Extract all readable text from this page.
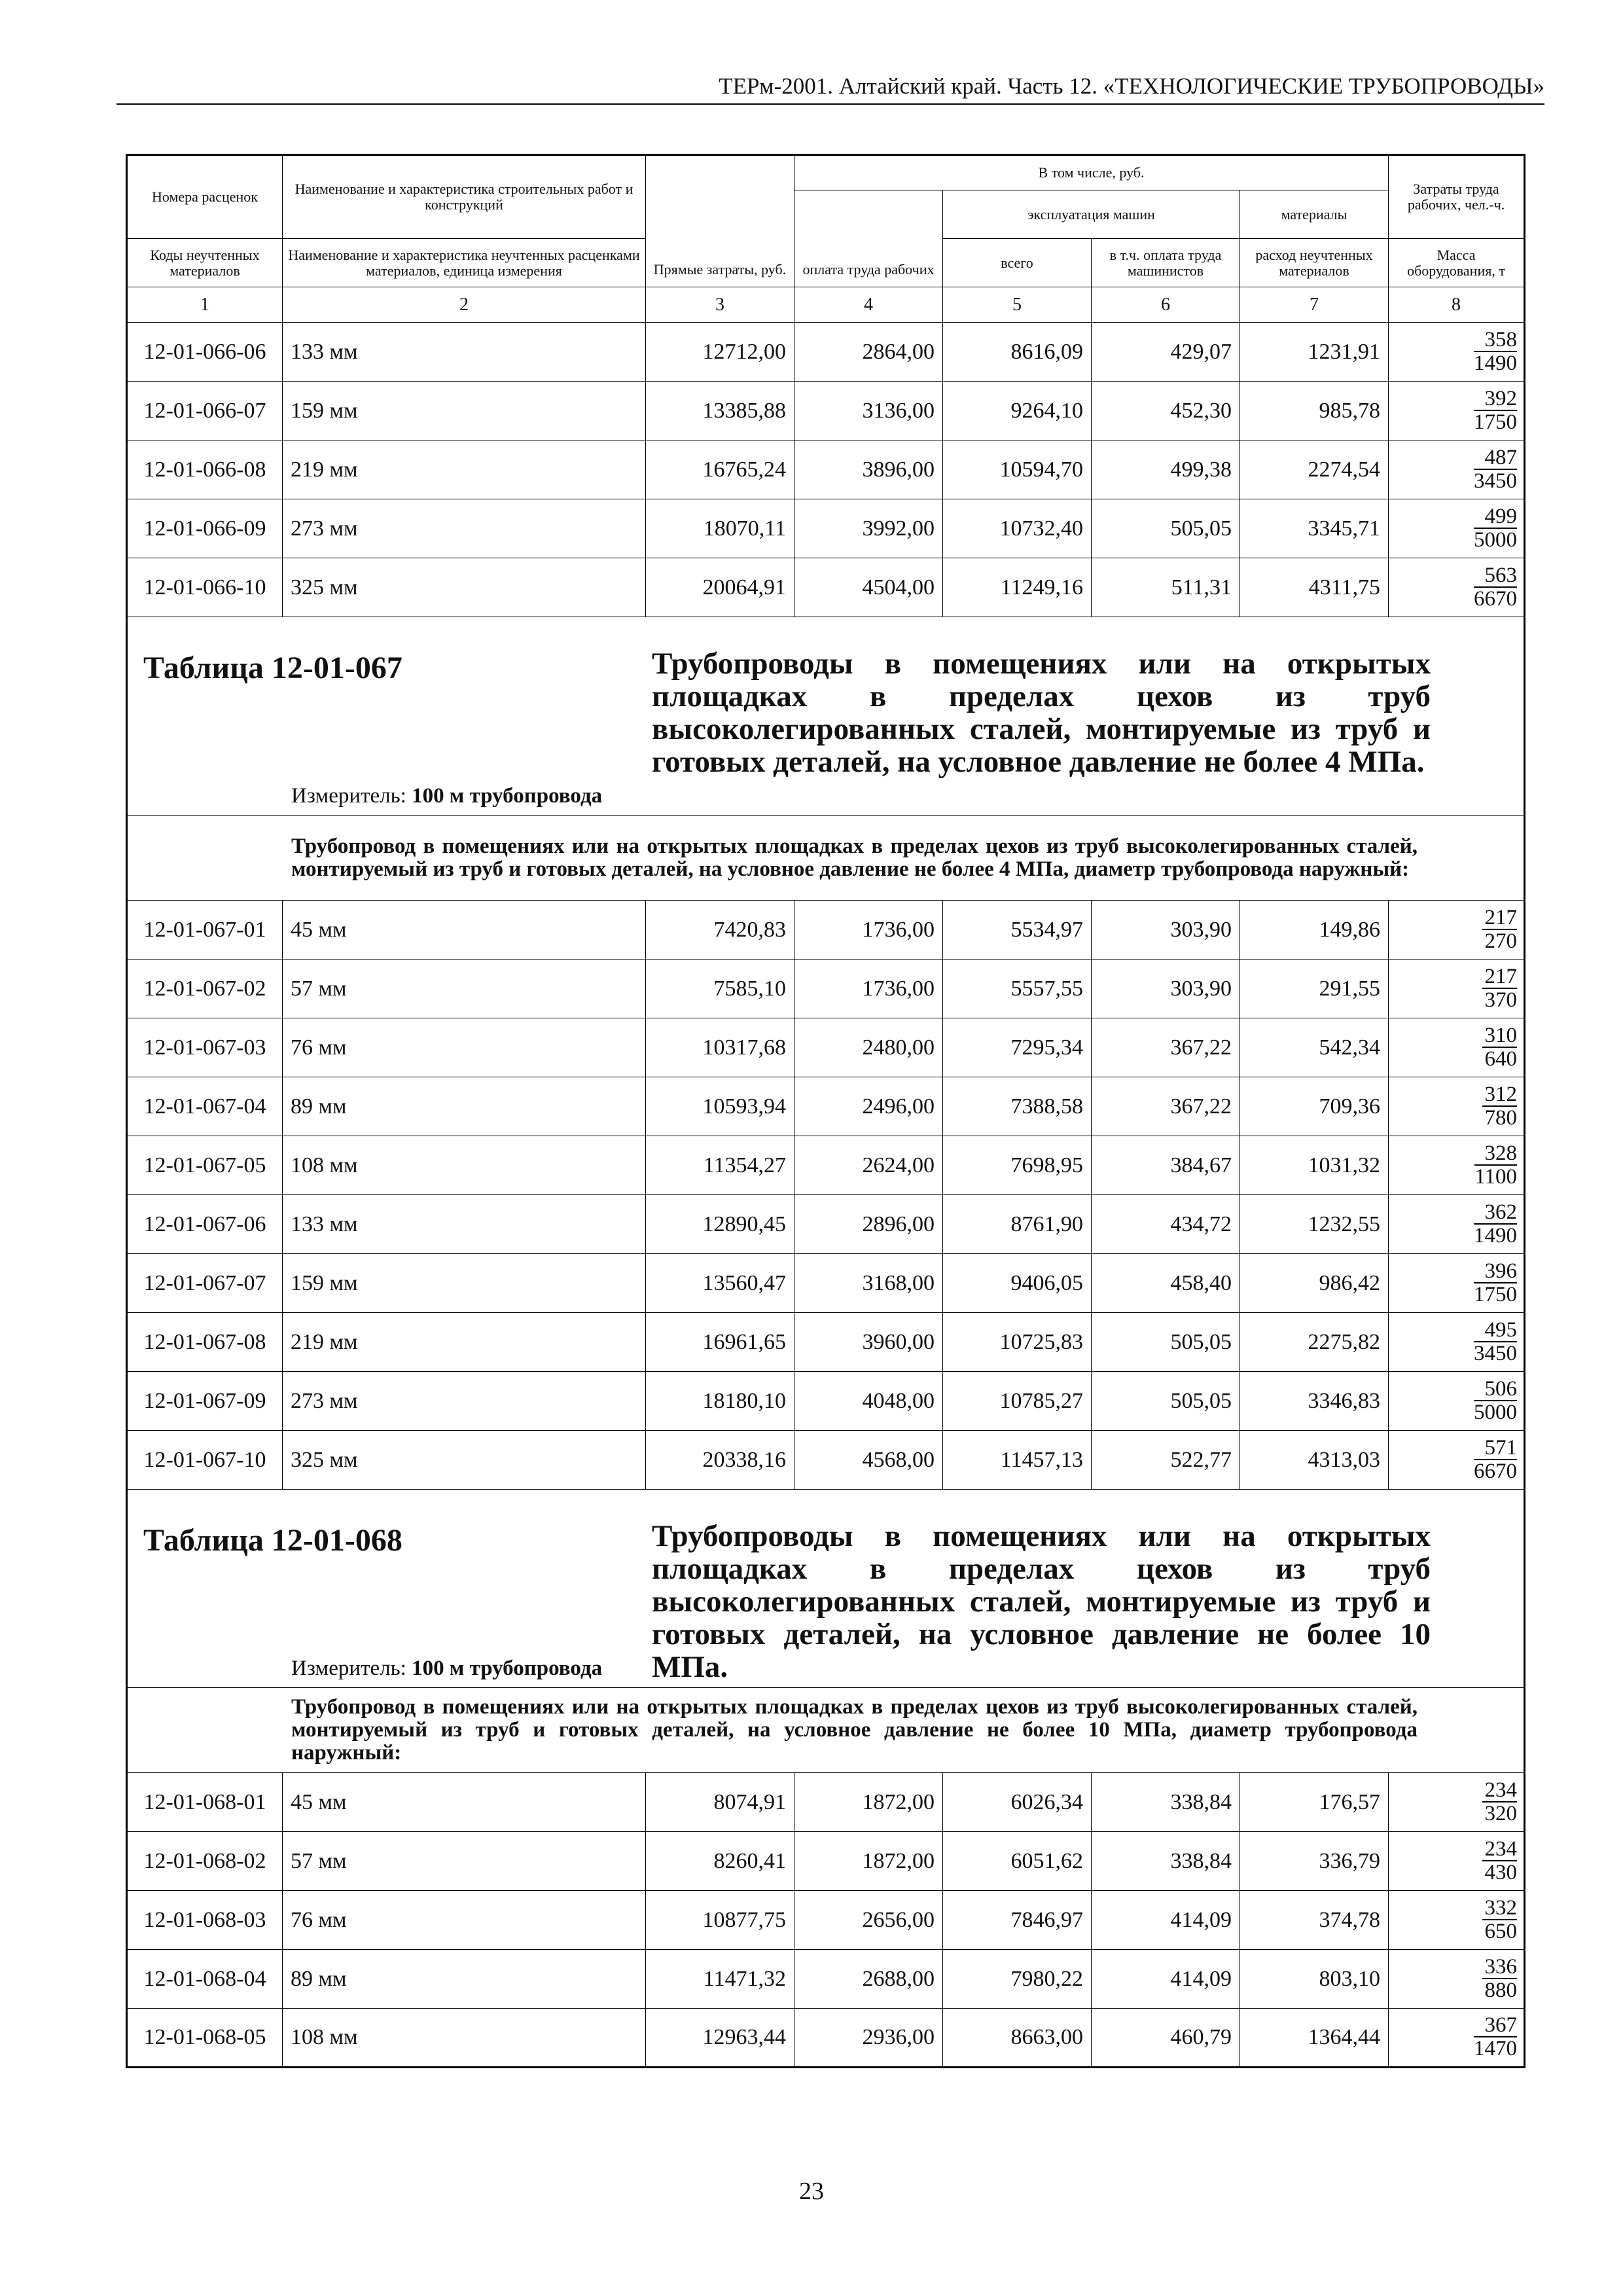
ТЕРм-2001. Алтайский край. Часть 12. «ТЕХНОЛОГИЧЕСКИЕ ТРУБОПРОВОДЫ»
Номера расценок	Наименование и характеристика строительных работ и конструкций	Прямые затраты, руб.	В том числе, руб.				Затраты труда рабочих, чел.-ч.
			оплата труда рабочих	эксплуатация машин		материалы	
Коды неучтенных материалов	Наименование и характеристика неучтенных расценками материалов, единица измерения			всего	в т.ч. оплата труда машинистов	расход неучтенных материалов	Масса оборудования, т
1	2	3	4	5	6	7	8
12-01-066-06	133 мм	12712,00	2864,00	8616,09	429,07	1231,91	$\frac{358}{1490}$

12-01-066-07	159 мм	13385,88	3136,00	9264,10	452,30	985,78	$\frac{392}{1750}$

12-01-066-08	219 мм	16765,24	3896,00	10594,70	499,38	2274,54	$\frac{487}{3450}$

12-01-066-09	273 мм	18070,11	3992,00	10732,40	505,05	3345,71	$\frac{499}{5000}$

12-01-066-10	325 мм	20064,91	4504,00	11249,16	511,31	4311,75	$\frac{563}{6670}$

Таблица 12-01-067 Трубопроводы в помещениях или на открытых площадках в пределах цехов из труб высоколегированных сталей, монтируемые из труб и готовых деталей, на условное давление не более 4 МПа.
Измеритель: 100 м трубопровода							

Трубопровод в помещениях или на открытых площадках в пределах цехов из труб высоколегированных сталей, монтируемый из труб и готовых деталей, на условное давление не более 4 МПа, диаметр трубопровода наружный:							

12-01-067-01	45 мм	7420,83	1736,00	5534,97	303,90	149,86	$\frac{217}{270}$

12-01-067-02	57 мм	7585,10	1736,00	5557,55	303,90	291,55	$\frac{217}{370}$

12-01-067-03	76 мм	10317,68	2480,00	7295,34	367,22	542,34	$\frac{310}{640}$

12-01-067-04	89 мм	10593,94	2496,00	7388,58	367,22	709,36	$\frac{312}{780}$

12-01-067-05	108 мм	11354,27	2624,00	7698,95	384,67	1031,32	$\frac{328}{1100}$

12-01-067-06	133 мм	12890,45	2896,00	8761,90	434,72	1232,55	$\frac{362}{1490}$

12-01-067-07	159 мм	13560,47	3168,00	9406,05	458,40	986,42	$\frac{396}{1750}$

12-01-067-08	219 мм	16961,65	3960,00	10725,83	505,05	2275,82	$\frac{495}{3450}$

12-01-067-09	273 мм	18180,10	4048,00	10785,27	505,05	3346,83	$\frac{506}{5000}$

12-01-067-10	325 мм	20338,16	4568,00	11457,13	522,77	4313,03	$\frac{571}{6670}$

Таблица 12-01-068 Трубопроводы в помещениях или на открытых площадках в пределах цехов из труб высоколегированных сталей, монтируемые из труб и готовых деталей, на условное давление не более 10 МПа.
Измеритель: 100 м трубопровода							

Трубопровод в помещениях или на открытых площадках в пределах цехов из труб высоколегированных сталей, монтируемый из труб и готовых деталей, на условное давление не более 10 МПа, диаметр трубопровода наружный:							

12-01-068-01	45 мм	8074,91	1872,00	6026,34	338,84	176,57	$\frac{234}{320}$

12-01-068-02	57 мм	8260,41	1872,00	6051,62	338,84	336,79	$\frac{234}{430}$

12-01-068-03	76 мм	10877,75	2656,00	7846,97	414,09	374,78	$\frac{332}{650}$

12-01-068-04	89 мм	11471,32	2688,00	7980,22	414,09	803,10	$\frac{336}{880}$

12-01-068-05	108 мм	12963,44	2936,00	8663,00	460,79	1364,44	$\frac{367}{1470}$
23
